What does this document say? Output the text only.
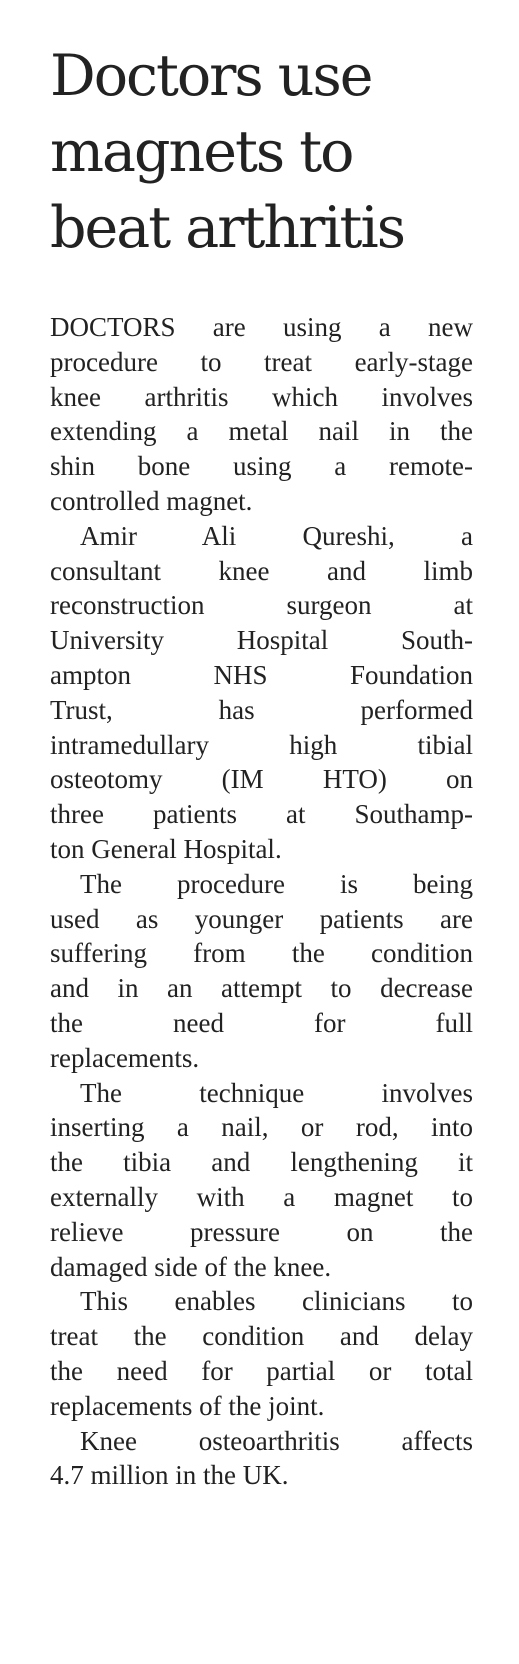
Doctors use
magnets to
beat arthritis

DOCTORS are using a new
procedure to treat early-stage
knee arthritis which involves
extending a metal nail in the
shin bone using a remote-
controlled magnet.

Amir Ali Qureshi, a
consultant knee and limb
reconstruction surgeon at
University Hospital South-
ampton NHS Foundation
Trust, has performed
intramedullary high tibial
osteotomy (IM HTO) on
three patients at Southamp-
ton General Hospital.

The procedure is being
used as younger patients are
suffering from the condition
and in an attempt to decrease
the need for full
replacements.

The technique involves
inserting a nail, or rod, into
the tibia and lengthening it
externally with a magnet to
relieve pressure on the
damaged side of the knee.

This enables clinicians to
treat the condition and delay
the need for partial or total
replacements of the joint.

Knee osteoarthritis affects
4.7 million in the UK.
